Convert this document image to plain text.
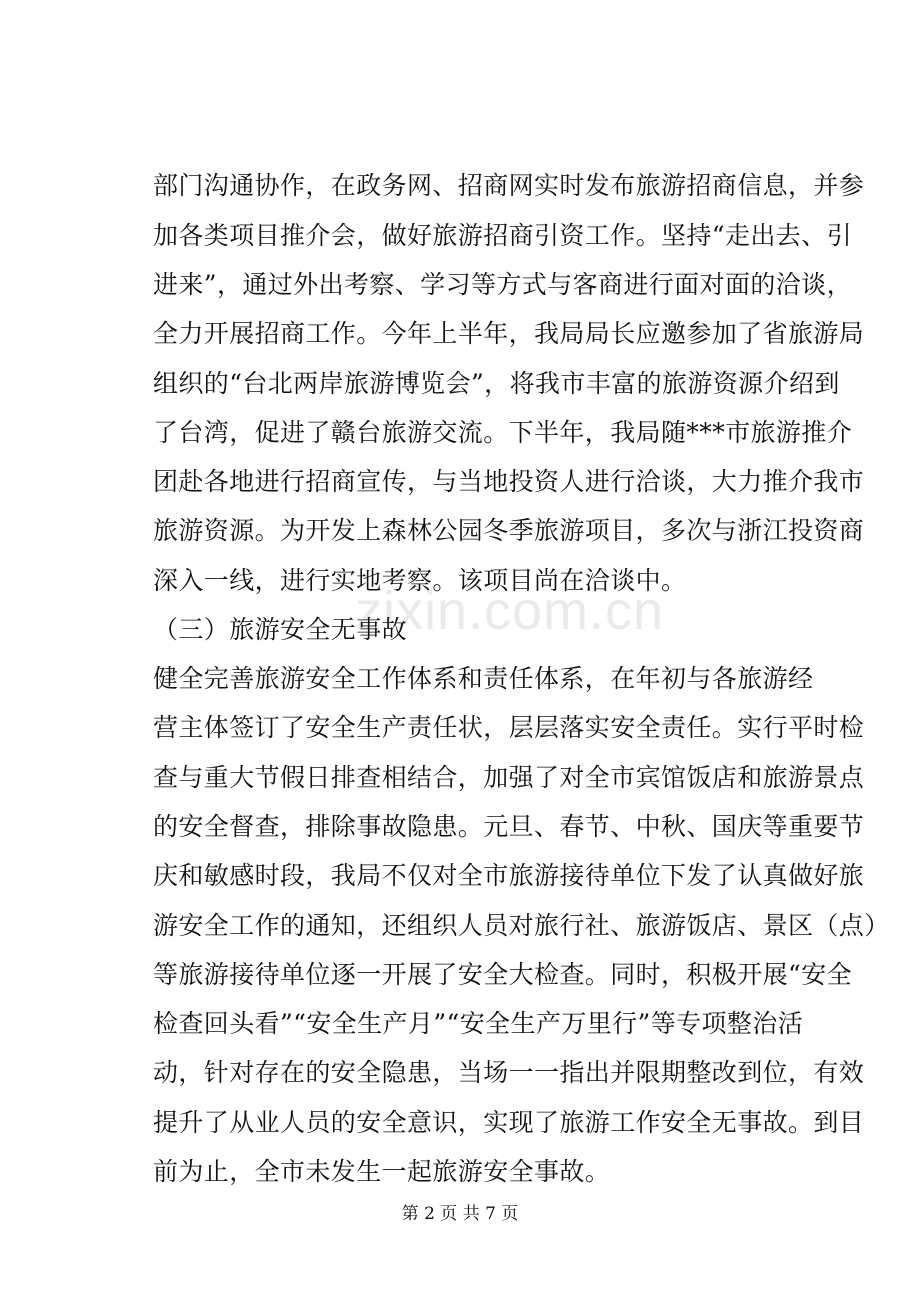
部门沟通协作，在政务网、招商网实时发布旅游招商信息，并参
加各类项目推介会，做好旅游招商引资工作。坚持“走出去、引
进来”，通过外出考察、学习等方式与客商进行面对面的洽谈，
全力开展招商工作。今年上半年，我局局长应邀参加了省旅游局
组织的“台北两岸旅游博览会”，将我市丰富的旅游资源介绍到
了台湾，促进了赣台旅游交流。下半年，我局随***市旅游推介
团赴各地进行招商宣传，与当地投资人进行洽谈，大力推介我市
旅游资源。为开发上森林公园冬季旅游项目，多次与浙江投资商
深入一线，进行实地考察。该项目尚在洽谈中。
zixin.com.cn
（三）旅游安全无事故
健全完善旅游安全工作体系和责任体系，在年初与各旅游经
营主体签订了安全生产责任状，层层落实安全责任。实行平时检
查与重大节假日排查相结合，加强了对全市宾馆饭店和旅游景点
的安全督查，排除事故隐患。元旦、春节、中秋、国庆等重要节
庆和敏感时段，我局不仅对全市旅游接待单位下发了认真做好旅
游安全工作的通知，还组织人员对旅行社、旅游饭店、景区（点）
等旅游接待单位逐一开展了安全大检查。同时，积极开展“安全
检查回头看”“安全生产月”“安全生产万里行”等专项整治活
动，针对存在的安全隐患，当场一一指出并限期整改到位，有效
提升了从业人员的安全意识，实现了旅游工作安全无事故。到目
前为止，全市未发生一起旅游安全事故。
第 2 页 共 7 页
